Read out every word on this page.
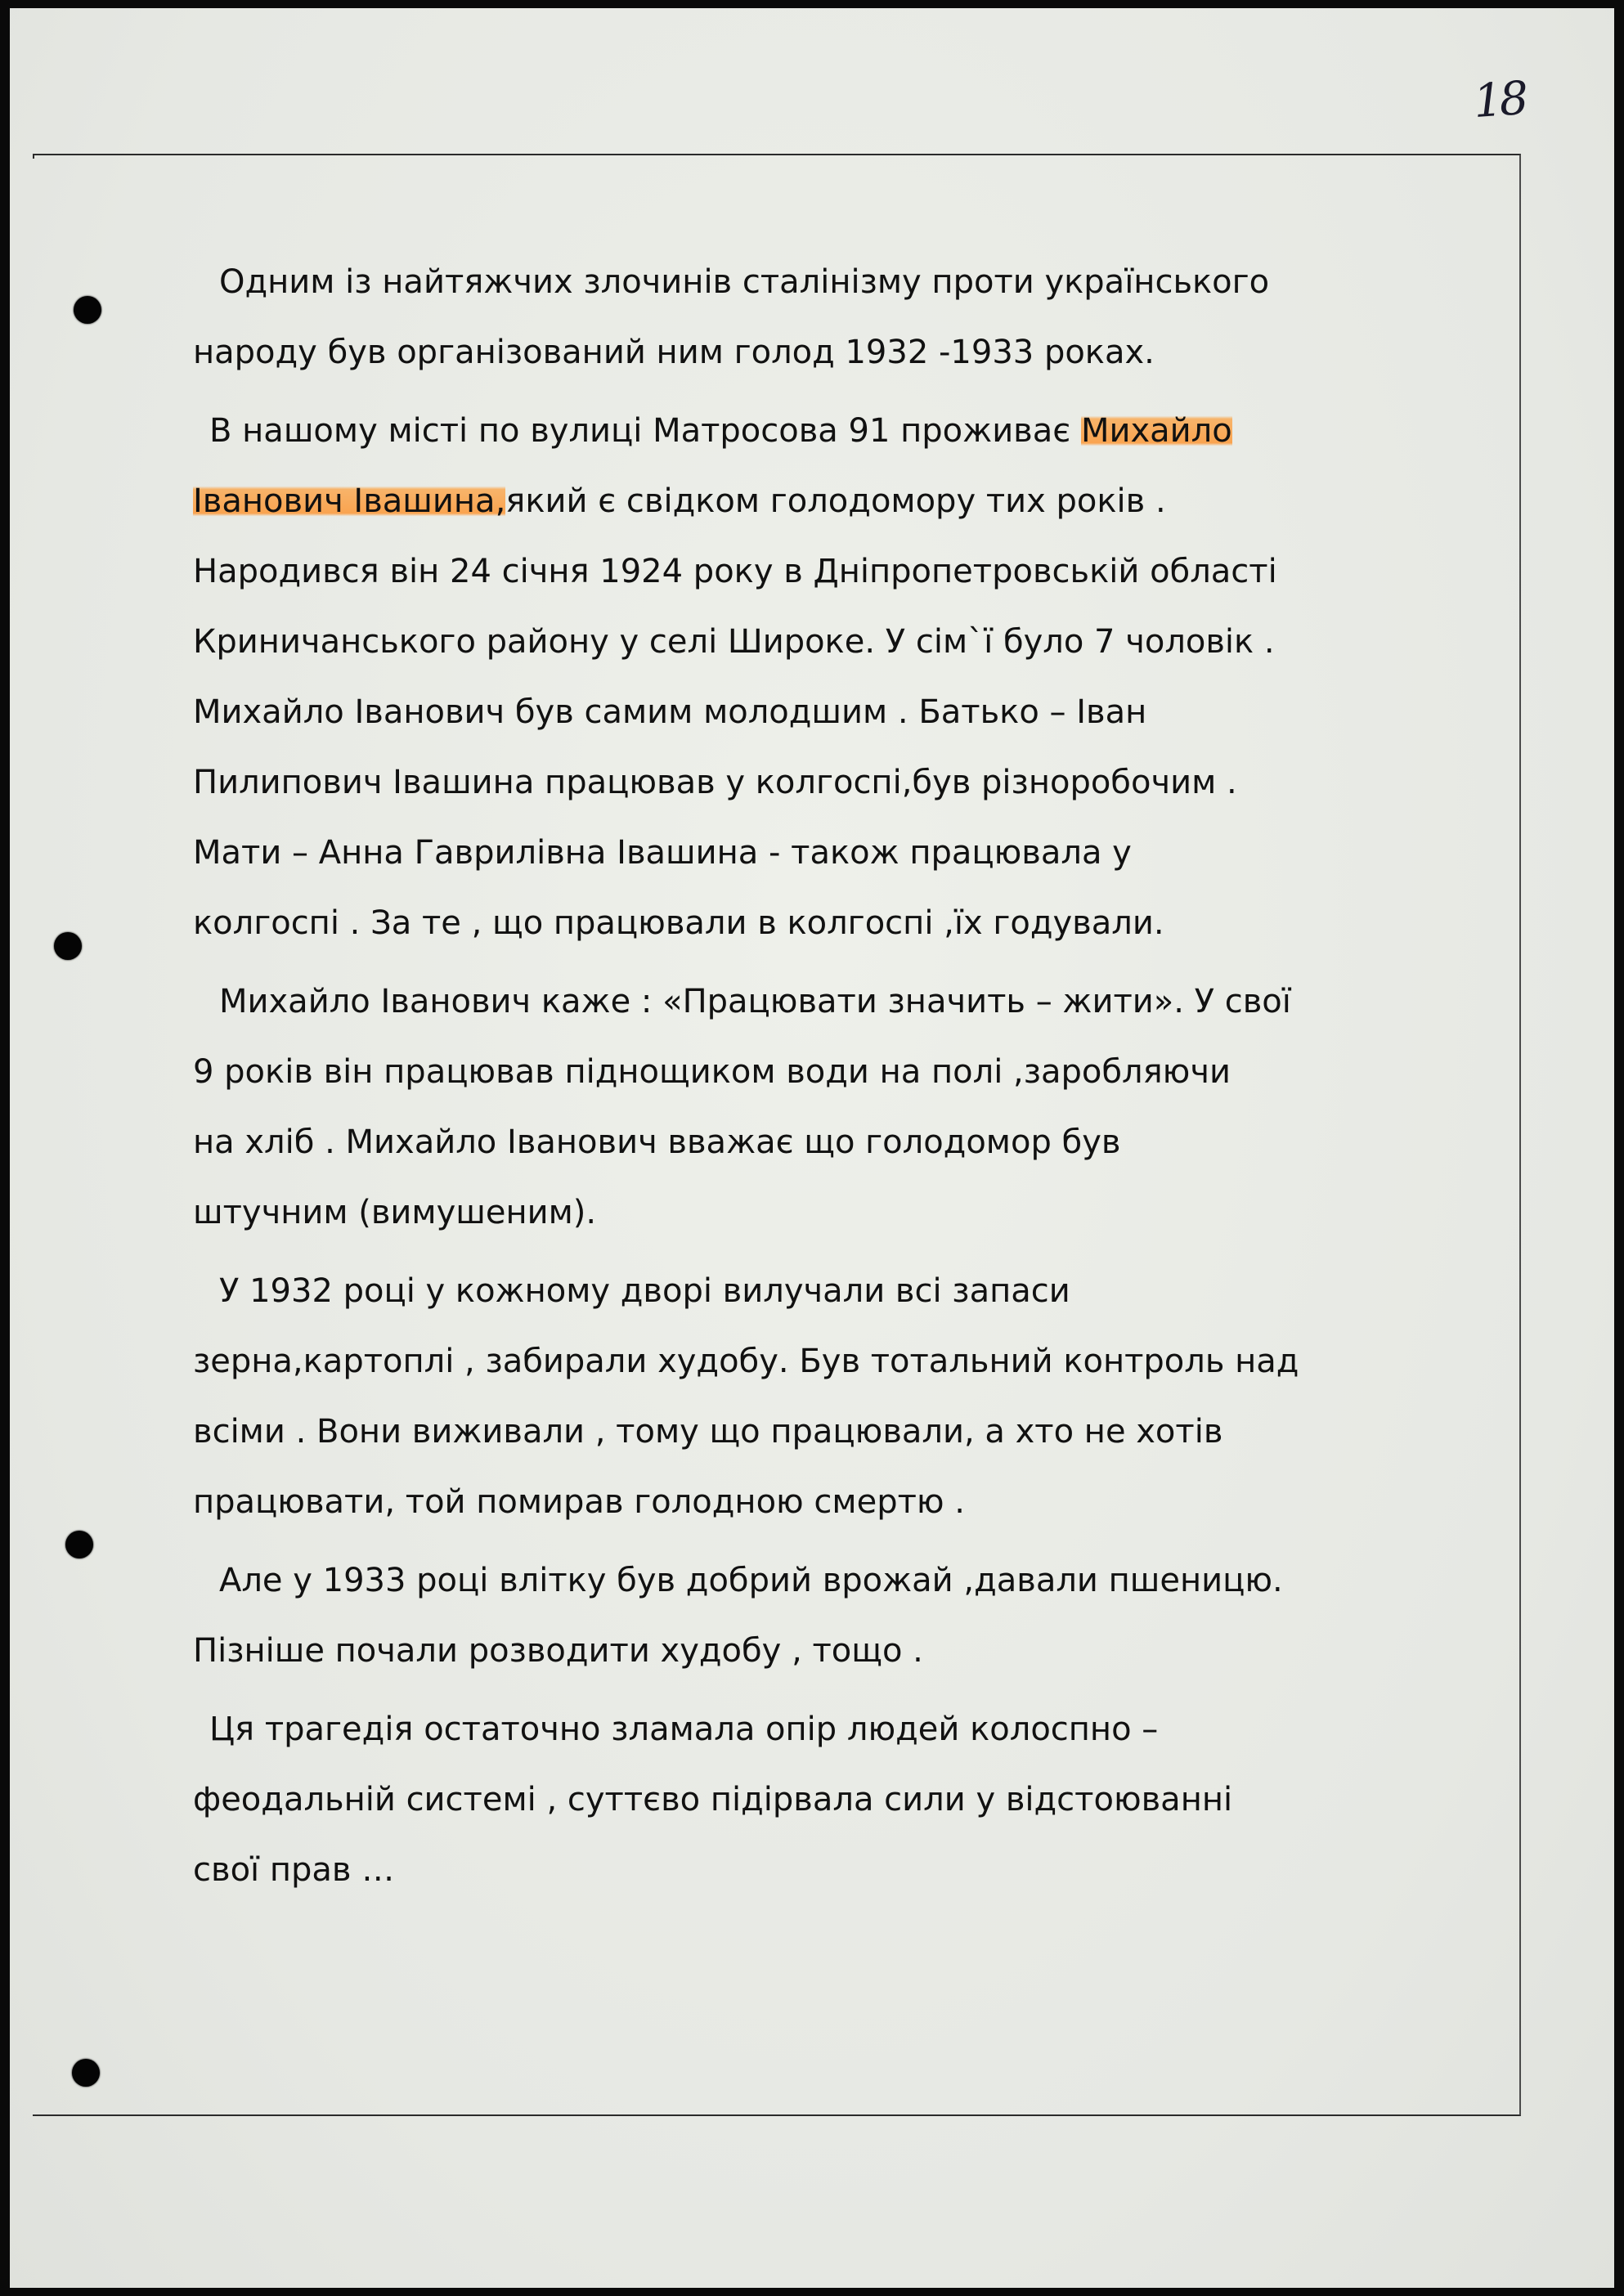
18

Одним із найтяжчих злочинів сталінізму проти українського
народу був організований ним голод 1932 -1933 роках.

В нашому місті по вулиці Матросова 91 проживає Михайло
Іванович Івашина,який є свідком голодомору тих років .
Народився він 24 січня 1924 року в Дніпропетровській області
Криничанського району у селі Широке. У сім`ї було 7 чоловік .
Михайло Іванович був самим молодшим . Батько – Іван
Пилипович Івашина працював у колгоспі,був різноробочим .
Мати – Анна Гаврилівна Івашина - також працювала у
колгоспі . За те , що працювали в колгоспі ,їх годували.

Михайло Іванович каже : «Працювати значить – жити». У свої
9 років він працював піднощиком води на полі ,заробляючи
на хліб . Михайло Іванович вважає що голодомор був
штучним (вимушеним).

У 1932 році у кожному дворі вилучали всі запаси
зерна,картоплі , забирали худобу. Був тотальний контроль над
всіми . Вони виживали , тому що працювали, а хто не хотів
працювати, той помирав голодною смертю .

Але у 1933 році влітку був добрий врожай ,давали пшеницю.
Пізніше почали розводити худобу , тощо .

Ця трагедія остаточно зламала опір людей колоспно –
феодальній системі , суттєво підірвала сили у відстоюванні
свої прав …
